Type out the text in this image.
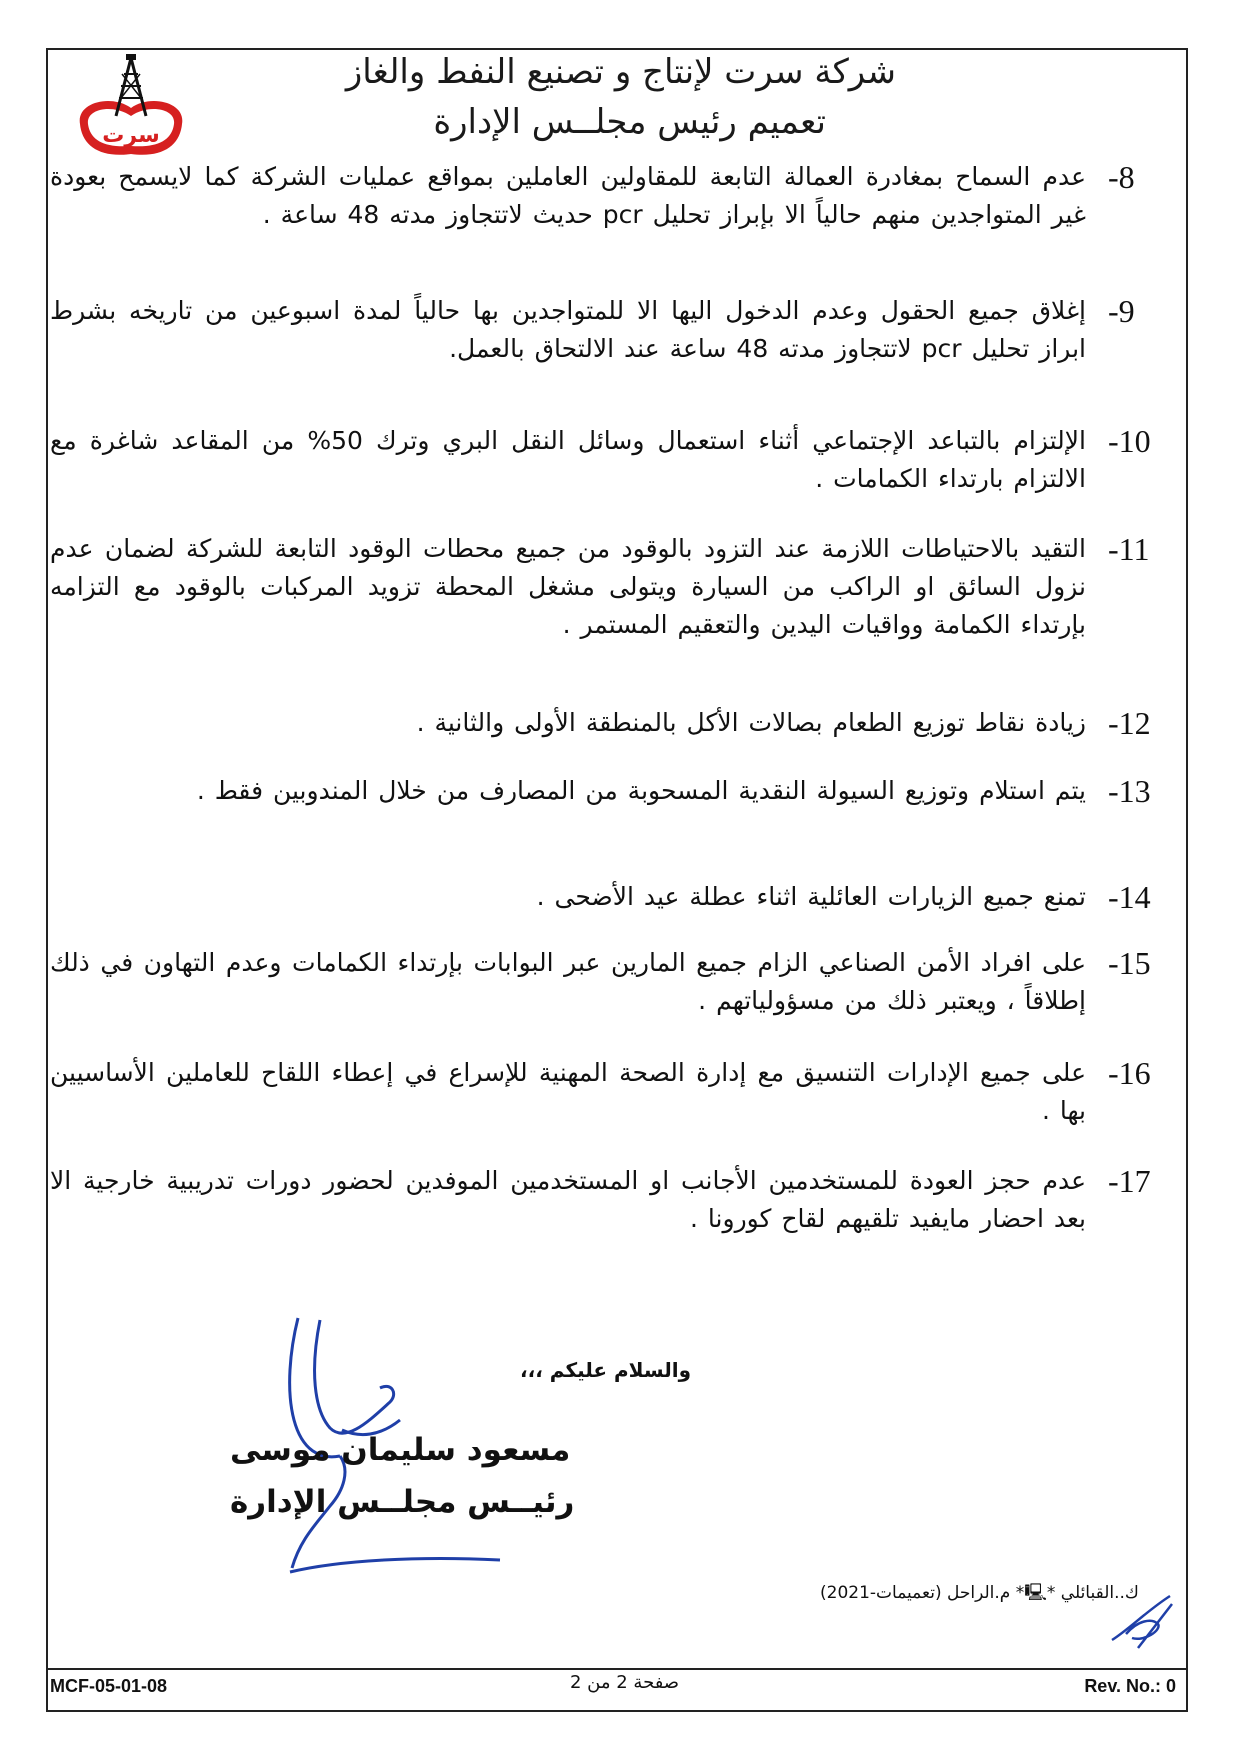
سرت
شركة سرت لإنتاج و تصنيع النفط والغاز
تعميم رئيس مجلــس الإدارة
-8
عدم السماح بمغادرة العمالة التابعة للمقاولين العاملين بمواقع عمليات الشركة كما لايسمح بعودة غير المتواجدين منهم حالياً الا بإبراز تحليل pcr حديث لاتتجاوز مدته 48 ساعة .
-9
إغلاق جميع الحقول وعدم الدخول اليها الا للمتواجدين بها حالياً لمدة اسبوعين من تاريخه بشرط ابراز تحليل pcr لاتتجاوز مدته 48 ساعة عند الالتحاق بالعمل.
-10
الإلتزام بالتباعد الإجتماعي أثناء استعمال وسائل النقل البري وترك 50% من المقاعد شاغرة مع الالتزام بارتداء الكمامات .
-11
التقيد بالاحتياطات اللازمة عند التزود بالوقود من جميع محطات الوقود التابعة للشركة لضمان عدم نزول السائق او الراكب من السيارة ويتولى مشغل المحطة تزويد المركبات بالوقود مع التزامه بإرتداء الكمامة وواقيات اليدين والتعقيم المستمر .
-12
زيادة نقاط توزيع الطعام بصالات الأكل بالمنطقة الأولى والثانية .
-13
يتم استلام وتوزيع السيولة النقدية المسحوبة من المصارف من خلال المندوبين فقط .
-14
تمنع جميع الزيارات العائلية اثناء عطلة عيد الأضحى .
-15
على افراد الأمن الصناعي الزام جميع المارين عبر البوابات بإرتداء الكمامات وعدم التهاون في ذلك إطلاقاً ، ويعتبر ذلك من مسؤولياتهم .
-16
على جميع الإدارات التنسيق مع إدارة الصحة المهنية للإسراع في إعطاء اللقاح للعاملين الأساسيين بها .
-17
عدم حجز العودة للمستخدمين الأجانب او المستخدمين الموفدين لحضور دورات تدريبية خارجية الا بعد احضار مايفيد تلقيهم لقاح كورونا .
والسلام عليكم ،،،
مسعود سليمان موسى
رئيــس مجلــس الإدارة
ك..القبائلي *🖳* م.الراحل (تعميمات-2021)
MCF-05-01-08	صفحة 2 من 2	Rev. No.: 0
